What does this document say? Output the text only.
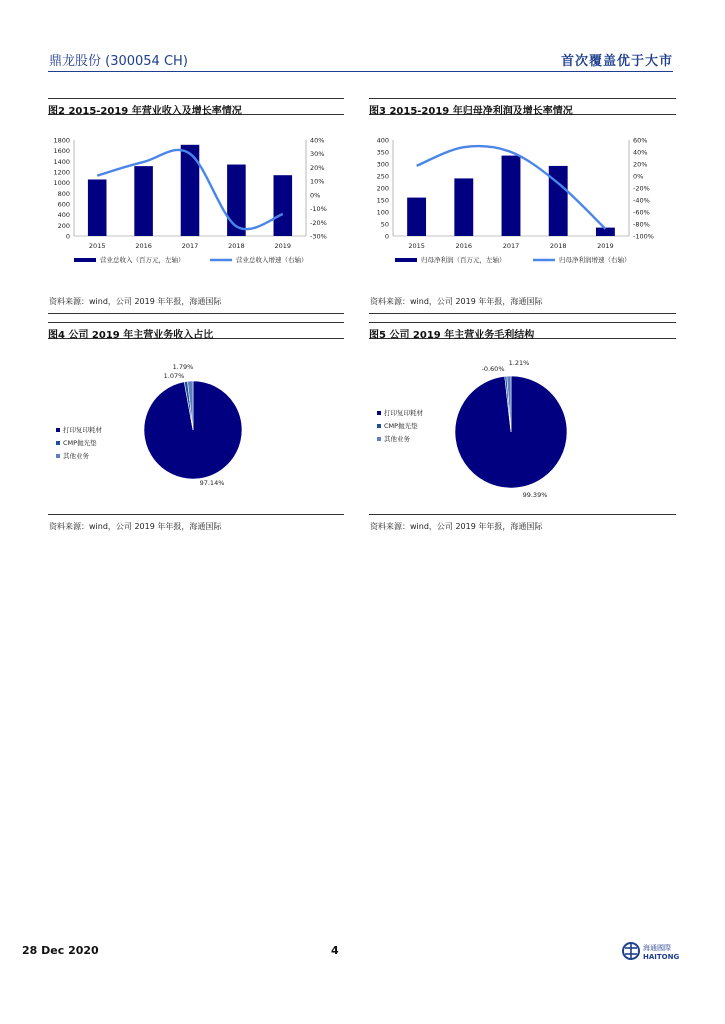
鼎龙股份 (300054 CH)	首次覆盖优于大市
图2 2015-2019 年营业收入及增长率情况
0
200
400
600
800
1000
1200
1400
1600
1800
-30%
-20%
-10%
0%
10%
20%
30%
40%
2015	2016	2017	2018	2019
营业总收入（百万元，左轴）	营业总收入增速（右轴）
资料来源：wind，公司 2019 年年报，海通国际
图3 2015-2019 年归母净利润及增长率情况
0
50
100
150
200
250
300
350
400
-100%
-80%
-60%
-40%
-20%
0%
20%
40%
60%
2015	2016	2017	2018	2019
归母净利润（百万元，左轴）	归母净利润增速（右轴）
资料来源：wind，公司 2019 年年报，海通国际
图4 公司 2019 年主营业务收入占比
打印复印耗材
CMP抛光垫
其他业务
97.14%
1.07%
1.79%
资料来源：wind，公司 2019 年年报，海通国际
图5 公司 2019 年主营业务毛利结构
打印复印耗材
CMP抛光垫
其他业务
99.39%
-0.60%
1.21%
资料来源：wind，公司 2019 年年报，海通国际
28 Dec 2020	4	海通國際
HAITONG
